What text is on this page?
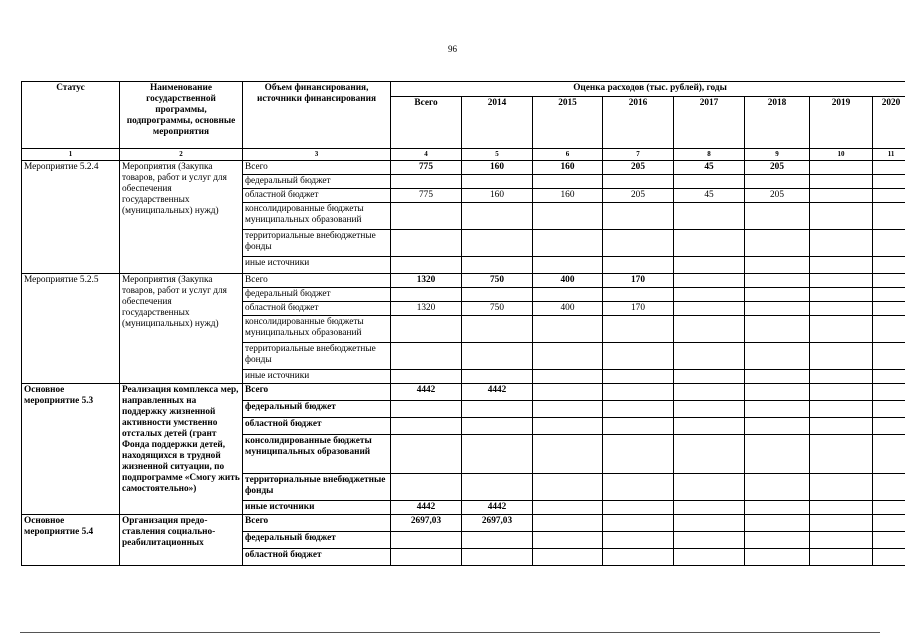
96
Статус	Наименование государственной программы, подпрограммы, основные мероприятия	Объем финансирования, источники финансирования	Оценка расходов (тыс. рублей), годы							
			Всего	2014	2015	2016	2017	2018	2019	2020
1	2	3	4	5	6	7	8	9	10	11
Мероприятие 5.2.4	Мероприятия (Закупка товаров, работ и услуг для обеспечения государственных (муниципальных) нужд)	Всего	775	160	160	205	45	205		
		федеральный бюджет								
		областной бюджет	775	160	160	205	45	205		
		консолидированные бюджеты муниципальных образований								
		территориальные внебюджетные фонды								
		иные источники								
Мероприятие 5.2.5	Мероприятия (Закупка товаров, работ и услуг для обеспечения государственных (муниципальных) нужд)	Всего	1320	750	400	170				
		федеральный бюджет								
		областной бюджет	1320	750	400	170				
		консолидированные бюджеты муниципальных образований								
		территориальные внебюджетные фонды								
		иные источники								
Основное мероприятие 5.3	Реализация комплекса мер, направленных на поддержку жизненной активности умственно отсталых детей (грант Фонда поддержки детей, находящихся в трудной жизненной ситуации, по подпрограмме «Смогу жить самостоятельно»)	Всего	4442	4442						
		федеральный бюджет								
		областной бюджет								
		консолидированные бюджеты муниципальных образований								
		территориальные внебюджетные фонды								
		иные источники	4442	4442						
Основное мероприятие 5.4	Организация предо-ставления социально-реабилитационных	Всего	2697,03	2697,03						
		федеральный бюджет								
		областной бюджет								
